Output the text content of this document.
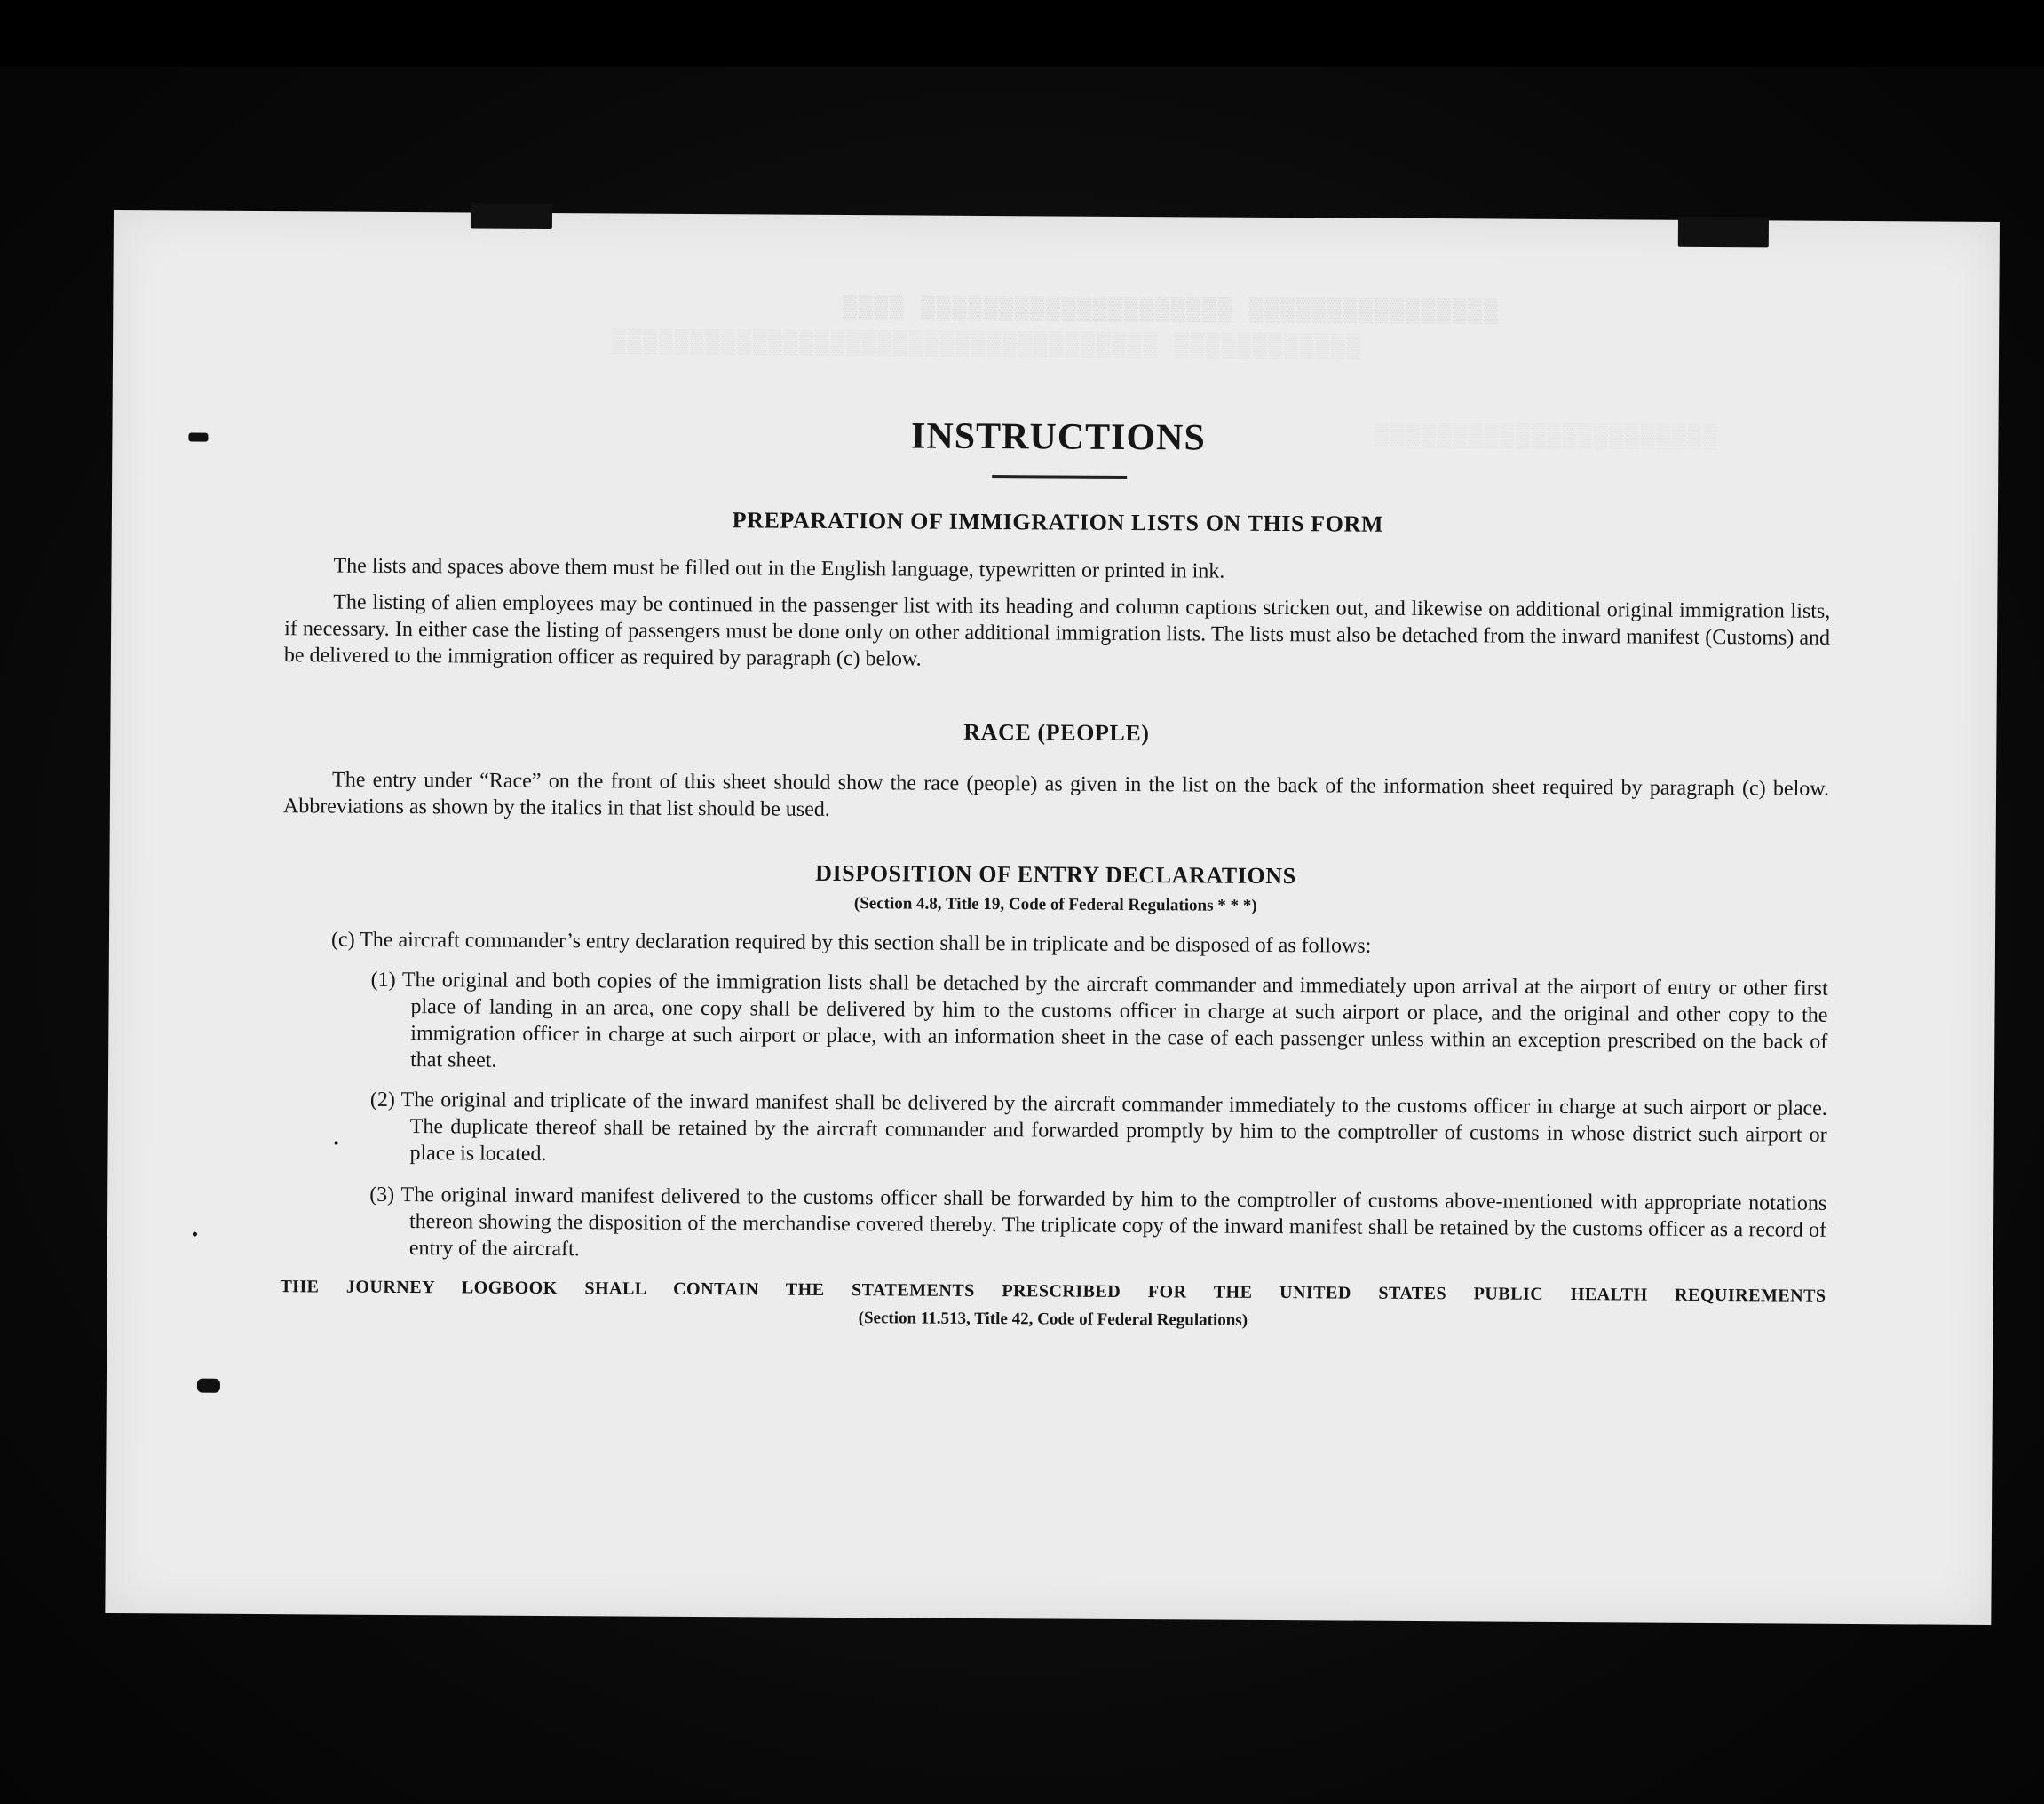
▒▒▒▒▒▒▒▒▒▒▒▒▒▒▒▒ ▒▒▒▒▒▒▒▒▒▒▒▒▒▒▒▒▒▒▒▒ ▒▒▒▒
▒▒▒▒▒▒▒▒▒▒▒▒ ▒▒▒▒▒▒▒▒▒▒▒▒▒▒▒▒▒▒▒▒▒▒▒▒▒▒▒▒▒▒▒▒▒▒▒
▒▒▒▒▒▒▒▒▒▒▒▒▒▒▒▒▒▒▒▒▒▒
INSTRUCTIONS
PREPARATION OF IMMIGRATION LISTS ON THIS FORM
The lists and spaces above them must be filled out in the English language, typewritten or printed in ink.
The listing of alien employees may be continued in the passenger list with its heading and column captions stricken out, and likewise on additional original immigration lists, if necessary. In either case the listing of passengers must be done only on other additional immigration lists. The lists must also be detached from the inward manifest (Customs) and be delivered to the immigration officer as required by paragraph (c) below.
RACE (PEOPLE)
The entry under “Race” on the front of this sheet should show the race (people) as given in the list on the back of the information sheet required by paragraph (c) below. Abbreviations as shown by the italics in that list should be used.
DISPOSITION OF ENTRY DECLARATIONS
(Section 4.8, Title 19, Code of Federal Regulations * * *)
(c) The aircraft commander’s entry declaration required by this section shall be in triplicate and be disposed of as follows:
(1) The original and both copies of the immigration lists shall be detached by the aircraft commander and immediately upon arrival at the airport of entry or other first place of landing in an area, one copy shall be delivered by him to the customs officer in charge at such airport or place, and the original and other copy to the immigration officer in charge at such airport or place, with an information sheet in the case of each passenger unless within an exception prescribed on the back of that sheet.
(2) The original and triplicate of the inward manifest shall be delivered by the aircraft commander immediately to the customs officer in charge at such airport or place. The duplicate thereof shall be retained by the aircraft commander and forwarded promptly by him to the comptroller of customs in whose district such airport or place is located.
(3) The original inward manifest delivered to the customs officer shall be forwarded by him to the comptroller of customs above-mentioned with appropriate notations thereon showing the disposition of the merchandise covered thereby. The triplicate copy of the inward manifest shall be retained by the customs officer as a record of entry of the aircraft.
THE JOURNEY LOGBOOK SHALL CONTAIN THE STATEMENTS PRESCRIBED FOR THE UNITED STATES PUBLIC HEALTH REQUIREMENTS
(Section 11.513, Title 42, Code of Federal Regulations)
